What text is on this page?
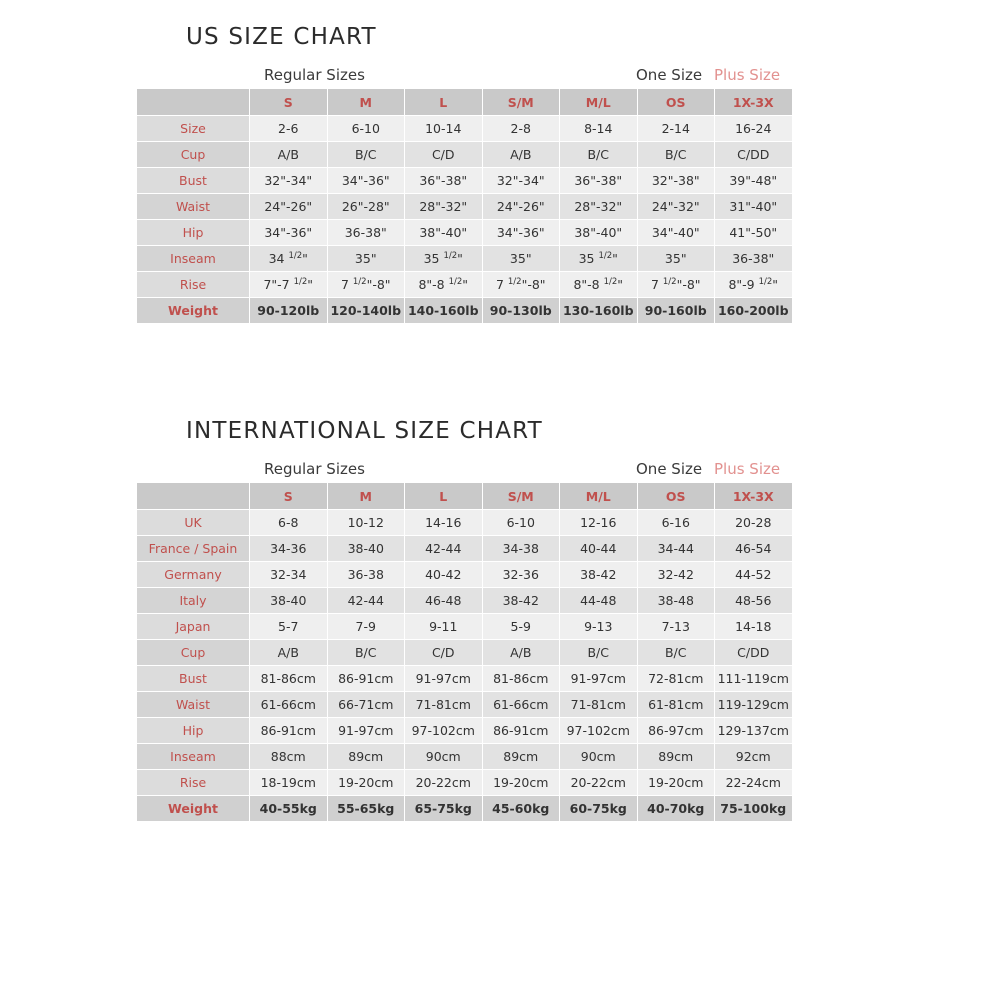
US SIZE CHART
Regular Sizes	One Size Plus Size
	S	M	L	S/M	M/L	OS	1X-3X
Size	2-6	6-10	10-14	2-8	8-14	2-14	16-24
Cup	A/B	B/C	C/D	A/B	B/C	B/C	C/DD
Bust	32"-34"	34"-36"	36"-38"	32"-34"	36"-38"	32"-38"	39"-48"
Waist	24"-26"	26"-28"	28"-32"	24"-26"	28"-32"	24"-32"	31"-40"
Hip	34"-36"	36-38"	38"-40"	34"-36"	38"-40"	34"-40"	41"-50"
Inseam	34 $^{1/2}$"	35"	35 $^{1/2}$"	35"	35 $^{1/2}$"	35"	36-38"
Rise	7"-7 $^{1/2}$"	7 $^{1/2}$"-8"	8"-8 $^{1/2}$"	7 $^{1/2}$"-8"	8"-8 $^{1/2}$"	7 $^{1/2}$"-8"	8"-9 $^{1/2}$"
Weight	90-120lb	120-140lb	140-160lb	90-130lb	130-160lb	90-160lb	160-200lb
INTERNATIONAL SIZE CHART
Regular Sizes	One Size Plus Size
	S	M	L	S/M	M/L	OS	1X-3X
UK	6-8	10-12	14-16	6-10	12-16	6-16	20-28
France / Spain	34-36	38-40	42-44	34-38	40-44	34-44	46-54
Germany	32-34	36-38	40-42	32-36	38-42	32-42	44-52
Italy	38-40	42-44	46-48	38-42	44-48	38-48	48-56
Japan	5-7	7-9	9-11	5-9	9-13	7-13	14-18
Cup	A/B	B/C	C/D	A/B	B/C	B/C	C/DD
Bust	81-86cm	86-91cm	91-97cm	81-86cm	91-97cm	72-81cm	111-119cm
Waist	61-66cm	66-71cm	71-81cm	61-66cm	71-81cm	61-81cm	119-129cm
Hip	86-91cm	91-97cm	97-102cm	86-91cm	97-102cm	86-97cm	129-137cm
Inseam	88cm	89cm	90cm	89cm	90cm	89cm	92cm
Rise	18-19cm	19-20cm	20-22cm	19-20cm	20-22cm	19-20cm	22-24cm
Weight	40-55kg	55-65kg	65-75kg	45-60kg	60-75kg	40-70kg	75-100kg
